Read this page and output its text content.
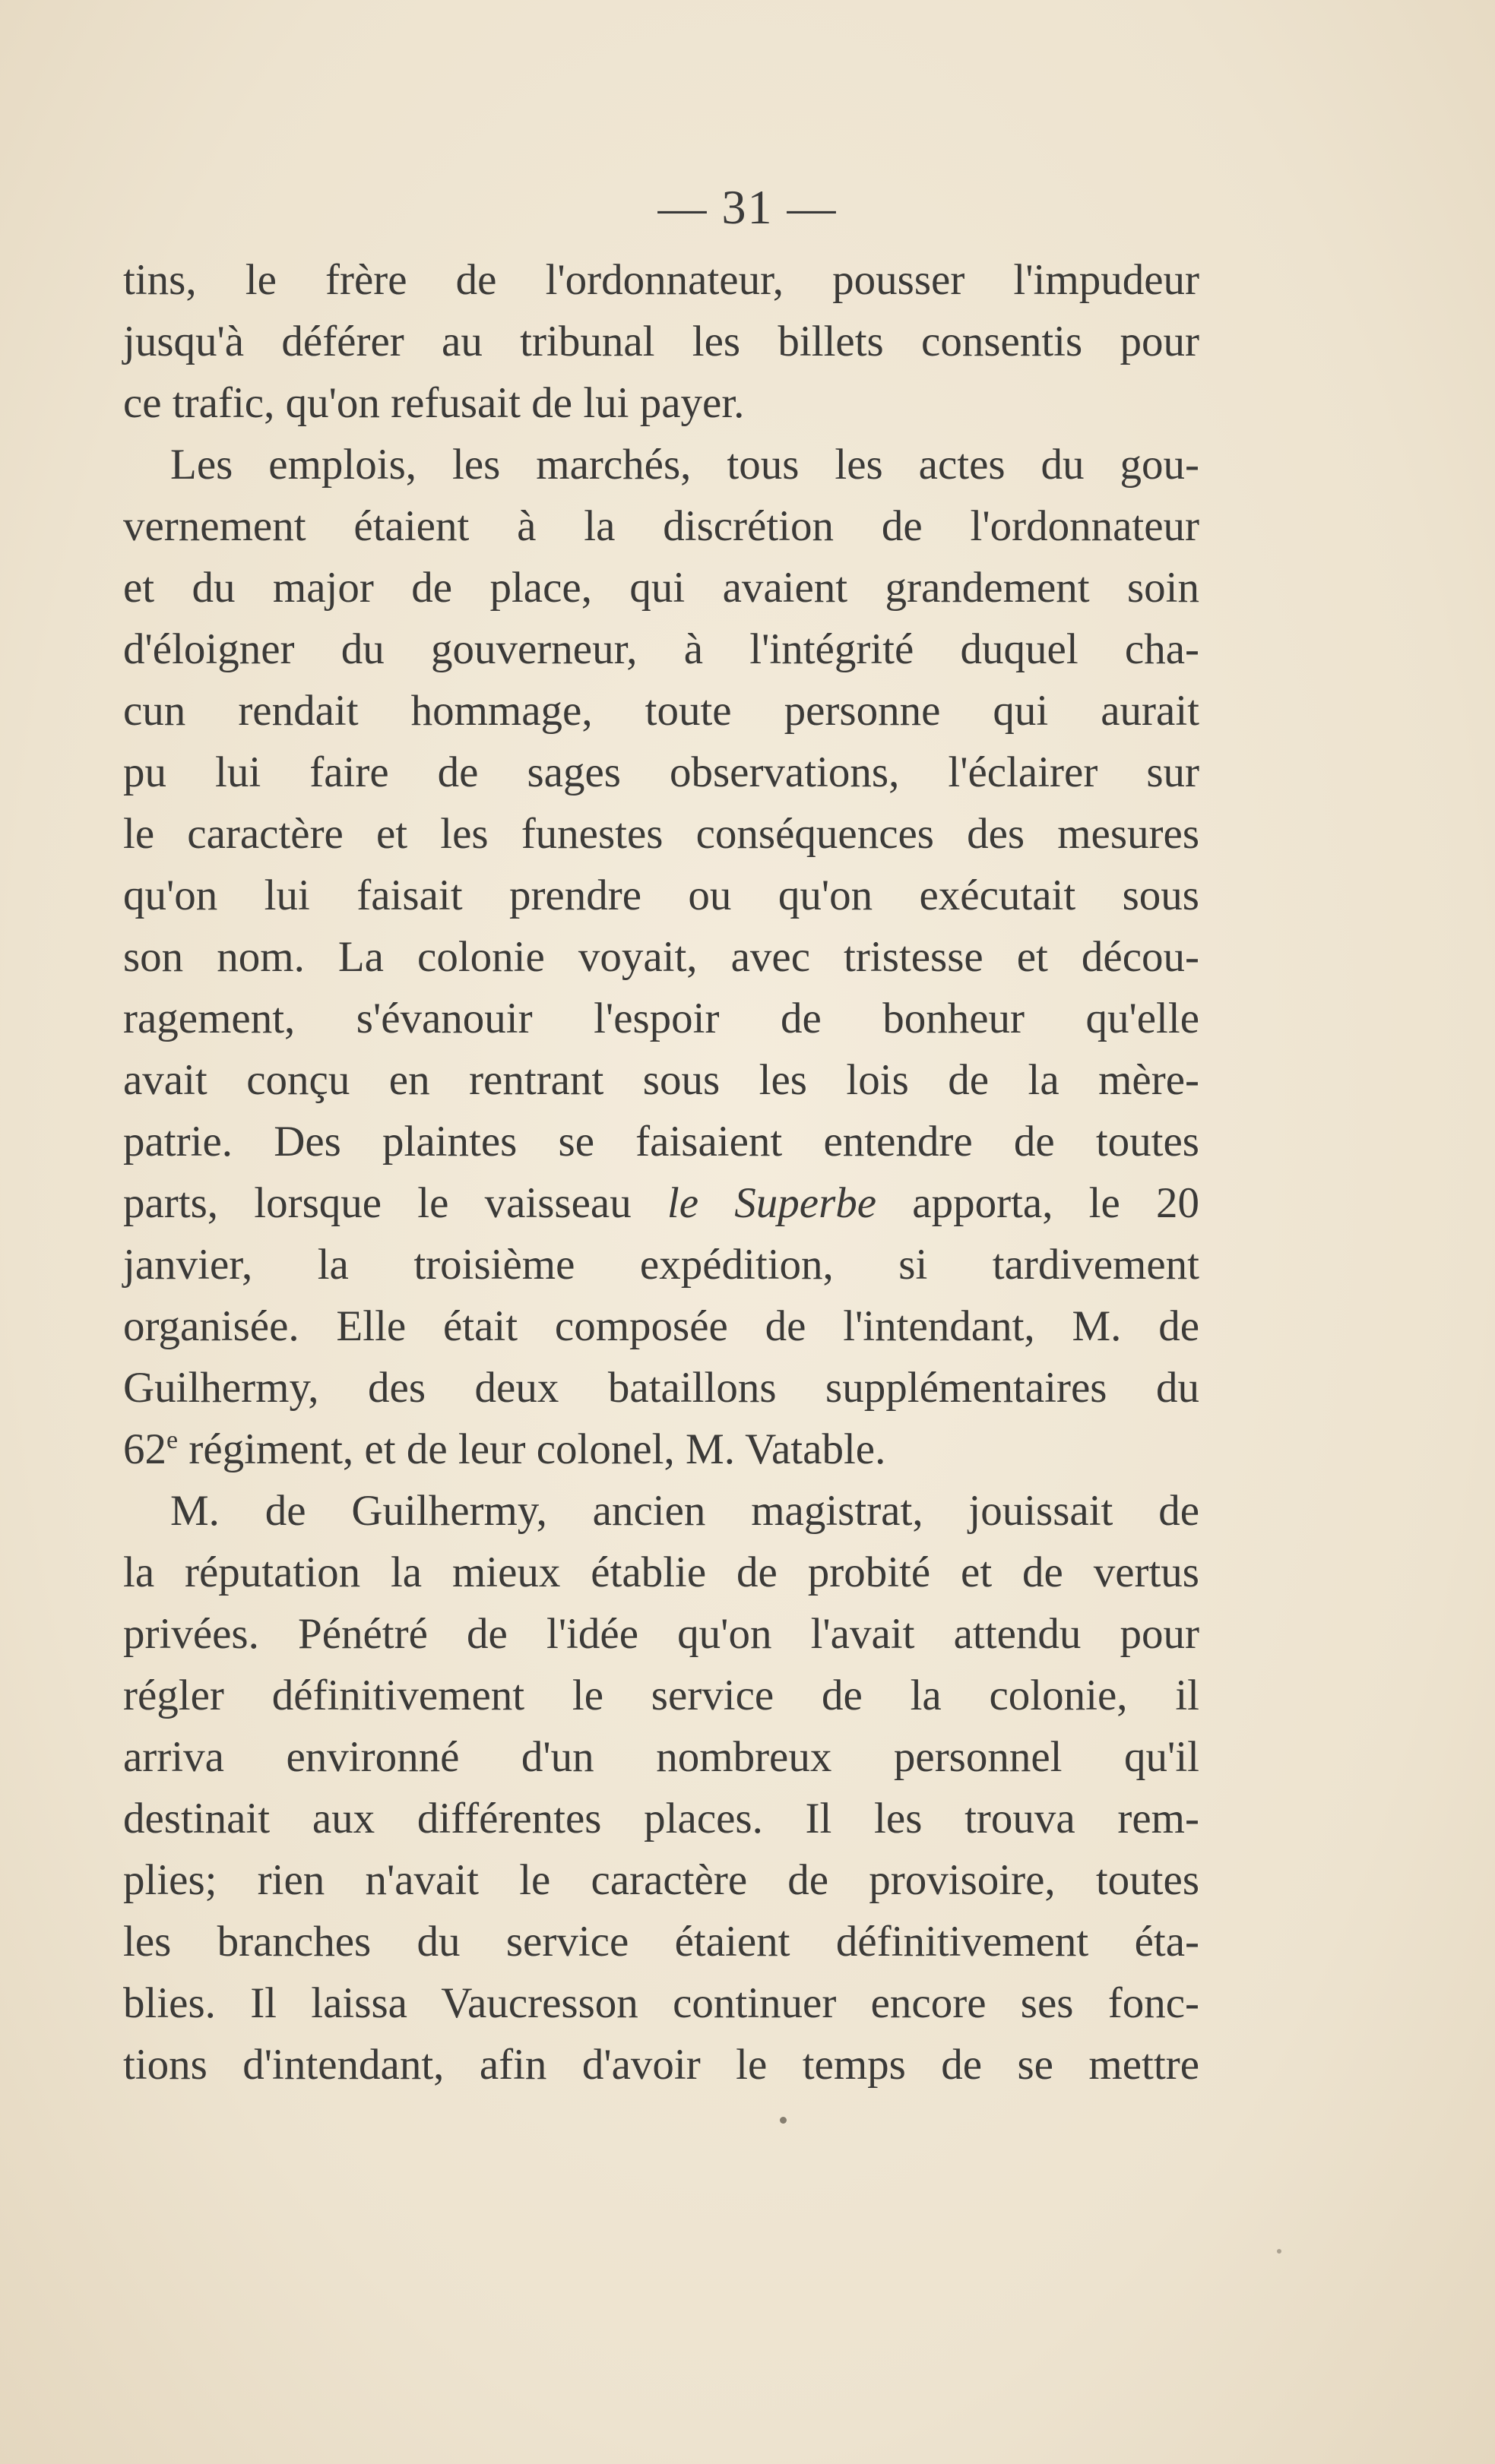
— 31 —
tins, le frère de l'ordonnateur, pousser l'impudeur
jusqu'à déférer au tribunal les billets consentis pour
ce trafic, qu'on refusait de lui payer.
Les emplois, les marchés, tous les actes du gou-
vernement étaient à la discrétion de l'ordonnateur
et du major de place, qui avaient grandement soin
d'éloigner du gouverneur, à l'intégrité duquel cha-
cun rendait hommage, toute personne qui aurait
pu lui faire de sages observations, l'éclairer sur
le caractère et les funestes conséquences des mesures
qu'on lui faisait prendre ou qu'on exécutait sous
son nom. La colonie voyait, avec tristesse et décou-
ragement, s'évanouir l'espoir de bonheur qu'elle
avait conçu en rentrant sous les lois de la mère-
patrie. Des plaintes se faisaient entendre de toutes
parts, lorsque le vaisseau le Superbe apporta, le 20
janvier, la troisième expédition, si tardivement
organisée. Elle était composée de l'intendant, M. de
Guilhermy, des deux bataillons supplémentaires du
62e régiment, et de leur colonel, M. Vatable.
M. de Guilhermy, ancien magistrat, jouissait de
la réputation la mieux établie de probité et de vertus
privées. Pénétré de l'idée qu'on l'avait attendu pour
régler définitivement le service de la colonie, il
arriva environné d'un nombreux personnel qu'il
destinait aux différentes places. Il les trouva rem-
plies; rien n'avait le caractère de provisoire, toutes
les branches du service étaient définitivement éta-
blies. Il laissa Vaucresson continuer encore ses fonc-
tions d'intendant, afin d'avoir le temps de se mettre
